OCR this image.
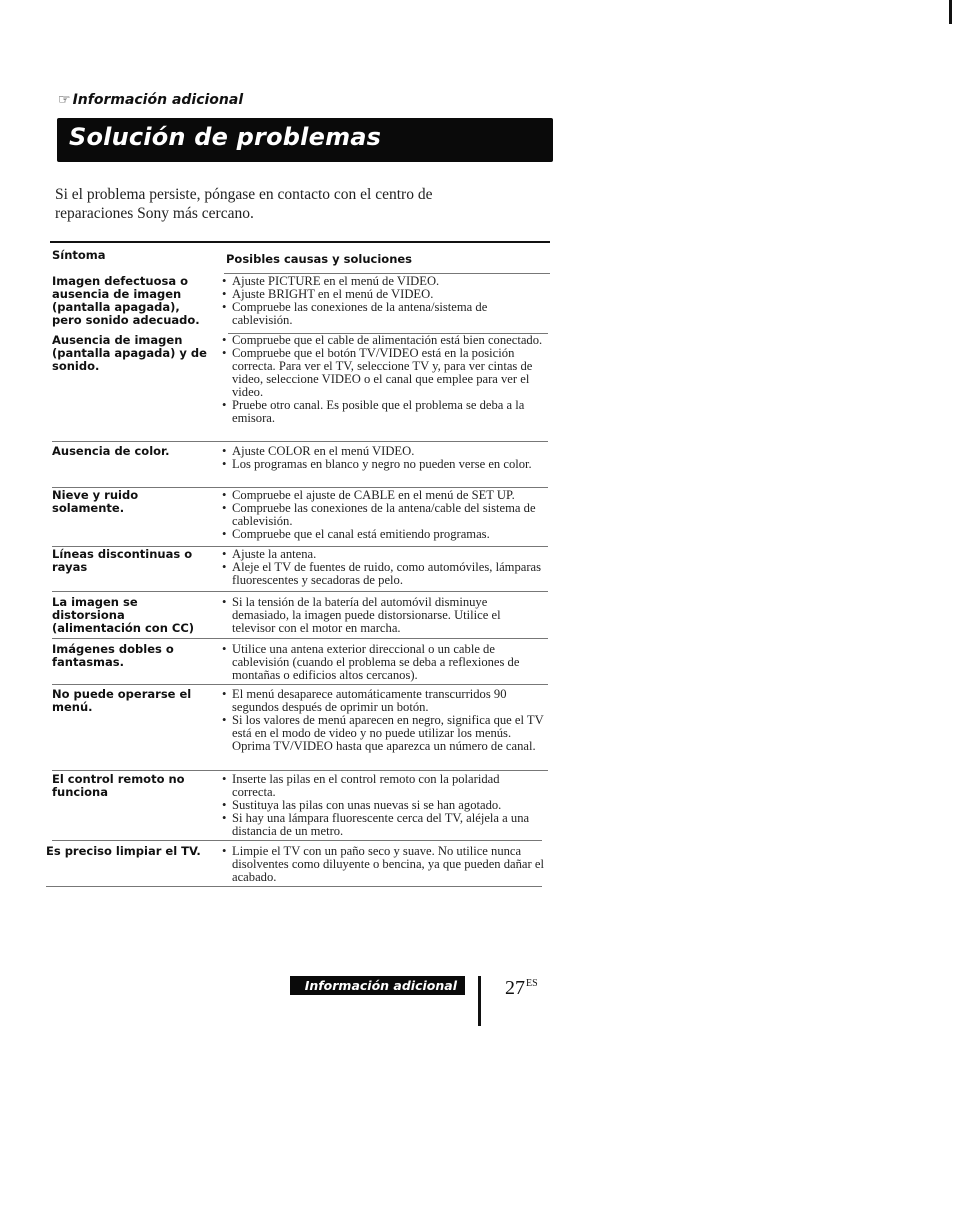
☞ Información adicional
Solución de problemas
Si el problema persiste, póngase en contacto con el centro de reparaciones Sony más cercano.
Síntoma	Posibles causas y soluciones
Imagen defectuosa o ausencia de imagen (pantalla apagada), pero sonido adecuado.
• Ajuste PICTURE en el menú de VIDEO.
• Ajuste BRIGHT en el menú de VIDEO.
• Compruebe las conexiones de la antena/sistema de cablevisión.
Ausencia de imagen (pantalla apagada) y de sonido.
• Compruebe que el cable de alimentación está bien conectado.
• Compruebe que el botón TV/VIDEO está en la posición correcta. Para ver el TV, seleccione TV y, para ver cintas de video, seleccione VIDEO o el canal que emplee para ver el video.
• Pruebe otro canal. Es posible que el problema se deba a la emisora.
Ausencia de color.	• Ajuste COLOR en el menú VIDEO.
• Los programas en blanco y negro no pueden verse en color.
Nieve y ruido solamente.
• Compruebe el ajuste de CABLE en el menú de SET UP.
• Compruebe las conexiones de la antena/cable del sistema de cablevisión.
• Compruebe que el canal está emitiendo programas.
Líneas discontinuas o rayas
• Ajuste la antena.
• Aleje el TV de fuentes de ruido, como automóviles, lámparas fluorescentes y secadoras de pelo.
La imagen se distorsiona (alimentación con CC)
• Si la tensión de la batería del automóvil disminuye demasiado, la imagen puede distorsionarse. Utilice el televisor con el motor en marcha.
Imágenes dobles o fantasmas.
• Utilice una antena exterior direccional o un cable de cablevisión (cuando el problema se deba a reflexiones de montañas o edificios altos cercanos).
No puede operarse el menú.
• El menú desaparece automáticamente transcurridos 90 segundos después de oprimir un botón.
• Si los valores de menú aparecen en negro, significa que el TV está en el modo de video y no puede utilizar los menús. Oprima TV/VIDEO hasta que aparezca un número de canal.
El control remoto no funciona
• Inserte las pilas en el control remoto con la polaridad correcta.
• Sustituya las pilas con unas nuevas si se han agotado.
• Si hay una lámpara fluorescente cerca del TV, aléjela a una distancia de un metro.
Es preciso limpiar el TV.	• Limpie el TV con un paño seco y suave. No utilice nunca disolventes como diluyente o bencina, ya que pueden dañar el acabado.
Información adicional $27^{ES}$
